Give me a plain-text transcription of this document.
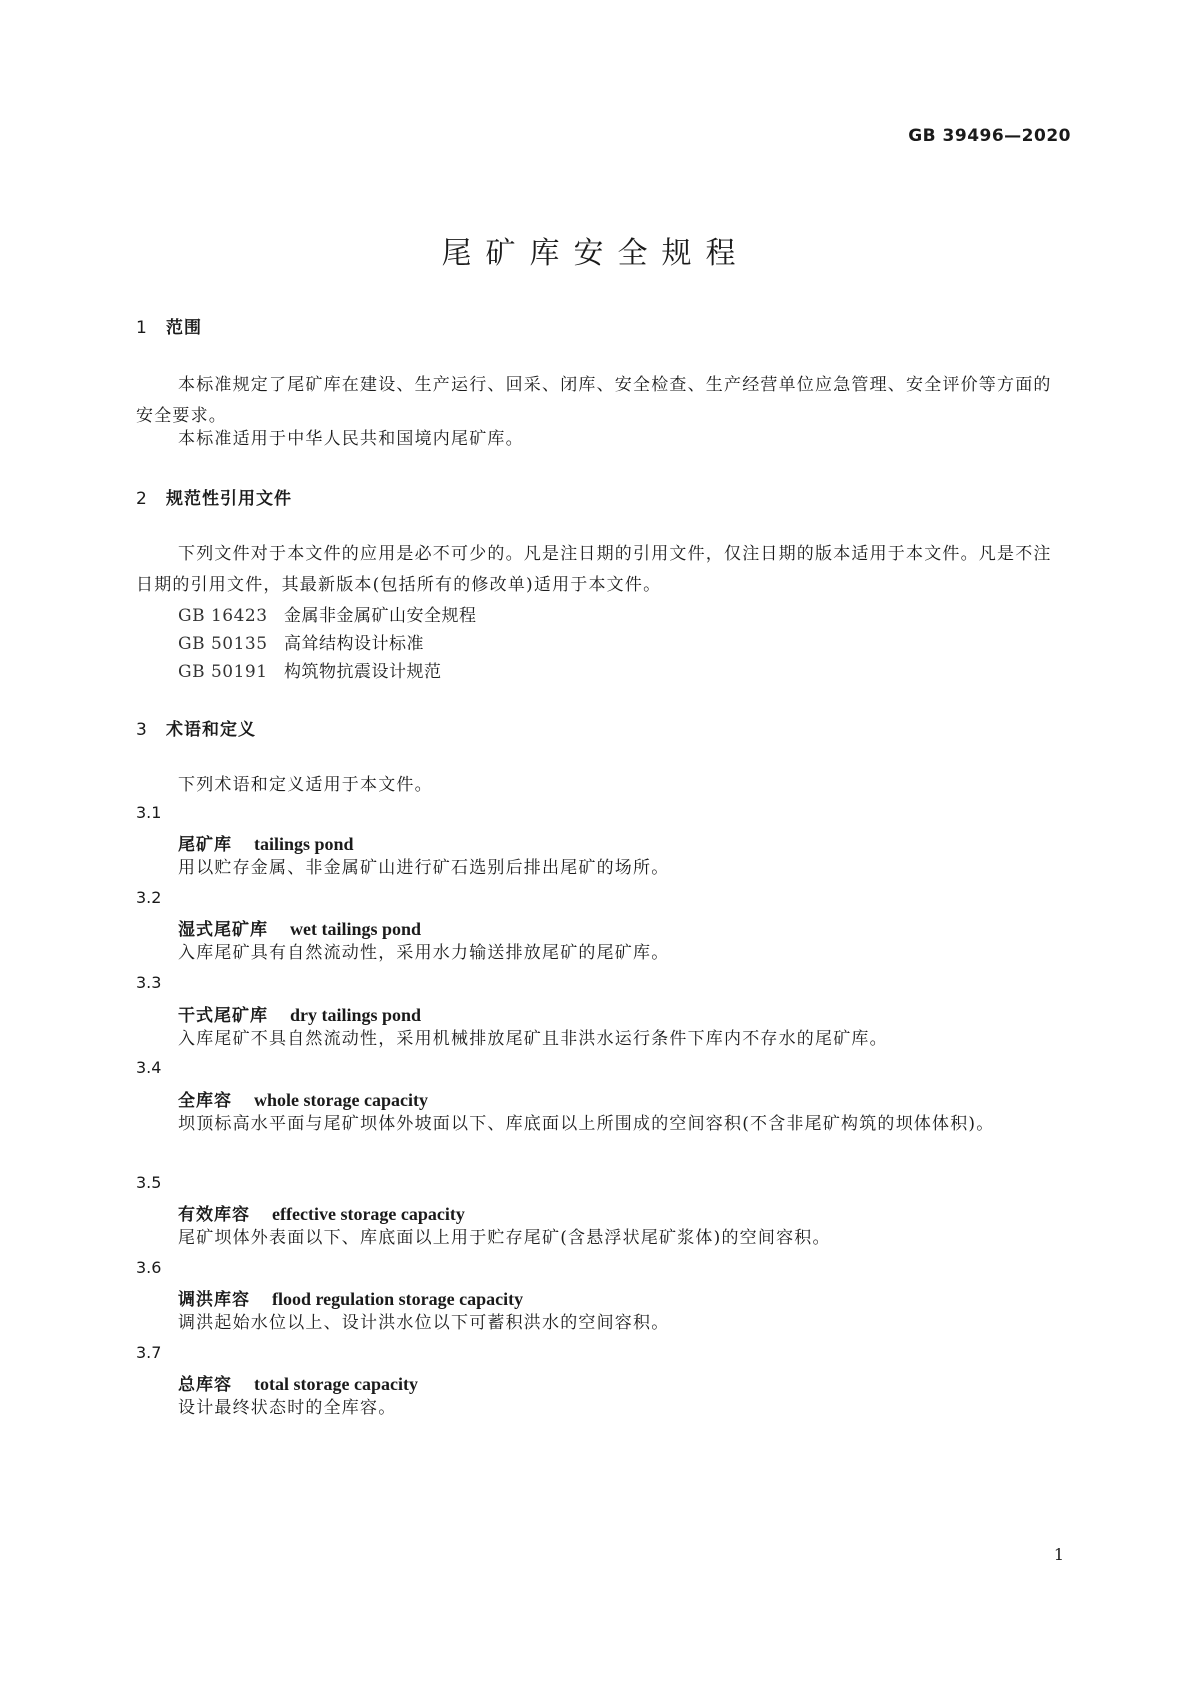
GB 39496—2020
尾矿库安全规程
1 范围
本标准规定了尾矿库在建设、生产运行、回采、闭库、安全检查、生产经营单位应急管理、安全评价等方面的安全要求。
本标准适用于中华人民共和国境内尾矿库。
2 规范性引用文件
下列文件对于本文件的应用是必不可少的。凡是注日期的引用文件，仅注日期的版本适用于本文件。凡是不注日期的引用文件，其最新版本(包括所有的修改单)适用于本文件。
GB 16423 金属非金属矿山安全规程
GB 50135 高耸结构设计标准
GB 50191 构筑物抗震设计规范
3 术语和定义
下列术语和定义适用于本文件。
3.1
尾矿库 tailings pond
用以贮存金属、非金属矿山进行矿石选别后排出尾矿的场所。
3.2
湿式尾矿库 wet tailings pond
入库尾矿具有自然流动性，采用水力输送排放尾矿的尾矿库。
3.3
干式尾矿库 dry tailings pond
入库尾矿不具自然流动性，采用机械排放尾矿且非洪水运行条件下库内不存水的尾矿库。
3.4
全库容 whole storage capacity
坝顶标高水平面与尾矿坝体外坡面以下、库底面以上所围成的空间容积(不含非尾矿构筑的坝体体积)。
3.5
有效库容 effective storage capacity
尾矿坝体外表面以下、库底面以上用于贮存尾矿(含悬浮状尾矿浆体)的空间容积。
3.6
调洪库容 flood regulation storage capacity
调洪起始水位以上、设计洪水位以下可蓄积洪水的空间容积。
3.7
总库容 total storage capacity
设计最终状态时的全库容。
1
